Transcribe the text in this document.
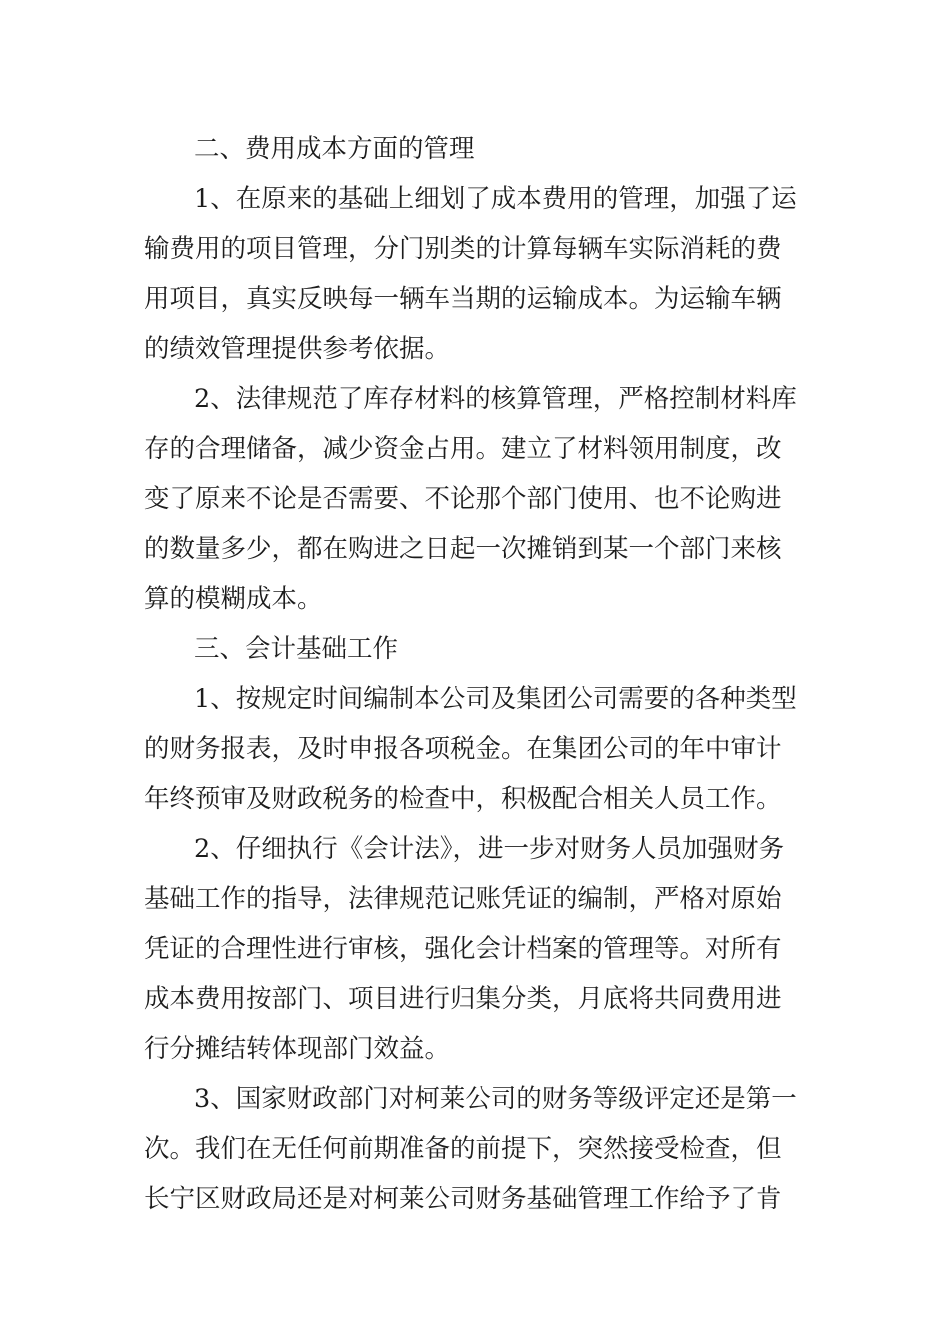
二、费用成本方面的管理
1、在原来的基础上细划了成本费用的管理，加强了运
输费用的项目管理，分门别类的计算每辆车实际消耗的费
用项目，真实反映每一辆车当期的运输成本。为运输车辆
的绩效管理提供参考依据。
2、法律规范了库存材料的核算管理，严格控制材料库
存的合理储备，减少资金占用。建立了材料领用制度，改
变了原来不论是否需要、不论那个部门使用、也不论购进
的数量多少，都在购进之日起一次摊销到某一个部门来核
算的模糊成本。
三、会计基础工作
1、按规定时间编制本公司及集团公司需要的各种类型
的财务报表，及时申报各项税金。在集团公司的年中审计
年终预审及财政税务的检查中，积极配合相关人员工作。
2、仔细执行《会计法》，进一步对财务人员加强财务
基础工作的指导，法律规范记账凭证的编制，严格对原始
凭证的合理性进行审核，强化会计档案的管理等。对所有
成本费用按部门、项目进行归集分类，月底将共同费用进
行分摊结转体现部门效益。
3、国家财政部门对柯莱公司的财务等级评定还是第一
次。我们在无任何前期准备的前提下，突然接受检查，但
长宁区财政局还是对柯莱公司财务基础管理工作给予了肯
